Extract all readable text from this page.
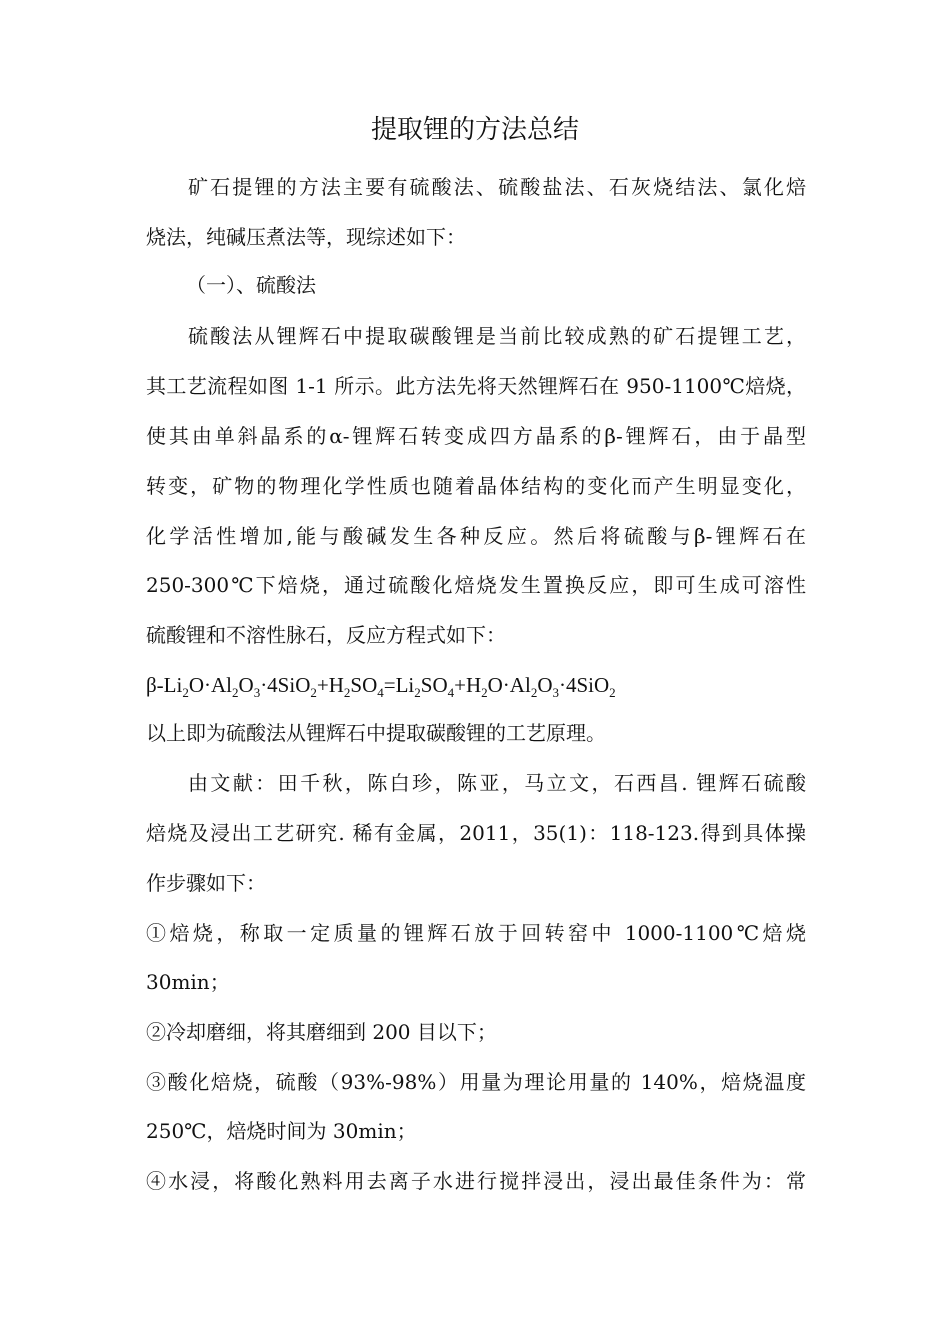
提取锂的方法总结
矿石提锂的方法主要有硫酸法、硫酸盐法、石灰烧结法、氯化焙
烧法，纯碱压煮法等，现综述如下：
（一）、硫酸法
硫酸法从锂辉石中提取碳酸锂是当前比较成熟的矿石提锂工艺，
其工艺流程如图 1-1 所示。此方法先将天然锂辉石在 950-1100℃焙烧，
使其由单斜晶系的α-锂辉石转变成四方晶系的β-锂辉石，由于晶型
转变，矿物的物理化学性质也随着晶体结构的变化而产生明显变化，
化学活性增加,能与酸碱发生各种反应。然后将硫酸与β-锂辉石在
250-300℃下焙烧，通过硫酸化焙烧发生置换反应，即可生成可溶性
硫酸锂和不溶性脉石，反应方程式如下：
$\beta-Li_2O\cdot Al_2O_3\cdot 4SiO_2+H_2SO_4=Li_2SO_4+H_2O\cdot Al_2O_3\cdot 4SiO_2$
以上即为硫酸法从锂辉石中提取碳酸锂的工艺原理。
由文献：田千秋，陈白珍，陈亚，马立文，石西昌. 锂辉石硫酸
焙烧及浸出工艺研究. 稀有金属，2011，35(1)：118-123.得到具体操
作步骤如下：
①焙烧，称取一定质量的锂辉石放于回转窑中 1000-1100℃焙烧
30min；
②冷却磨细，将其磨细到 200 目以下；
③酸化焙烧，硫酸（93%-98%）用量为理论用量的 140%，焙烧温度
250℃，焙烧时间为 30min；
④水浸，将酸化熟料用去离子水进行搅拌浸出，浸出最佳条件为：常
